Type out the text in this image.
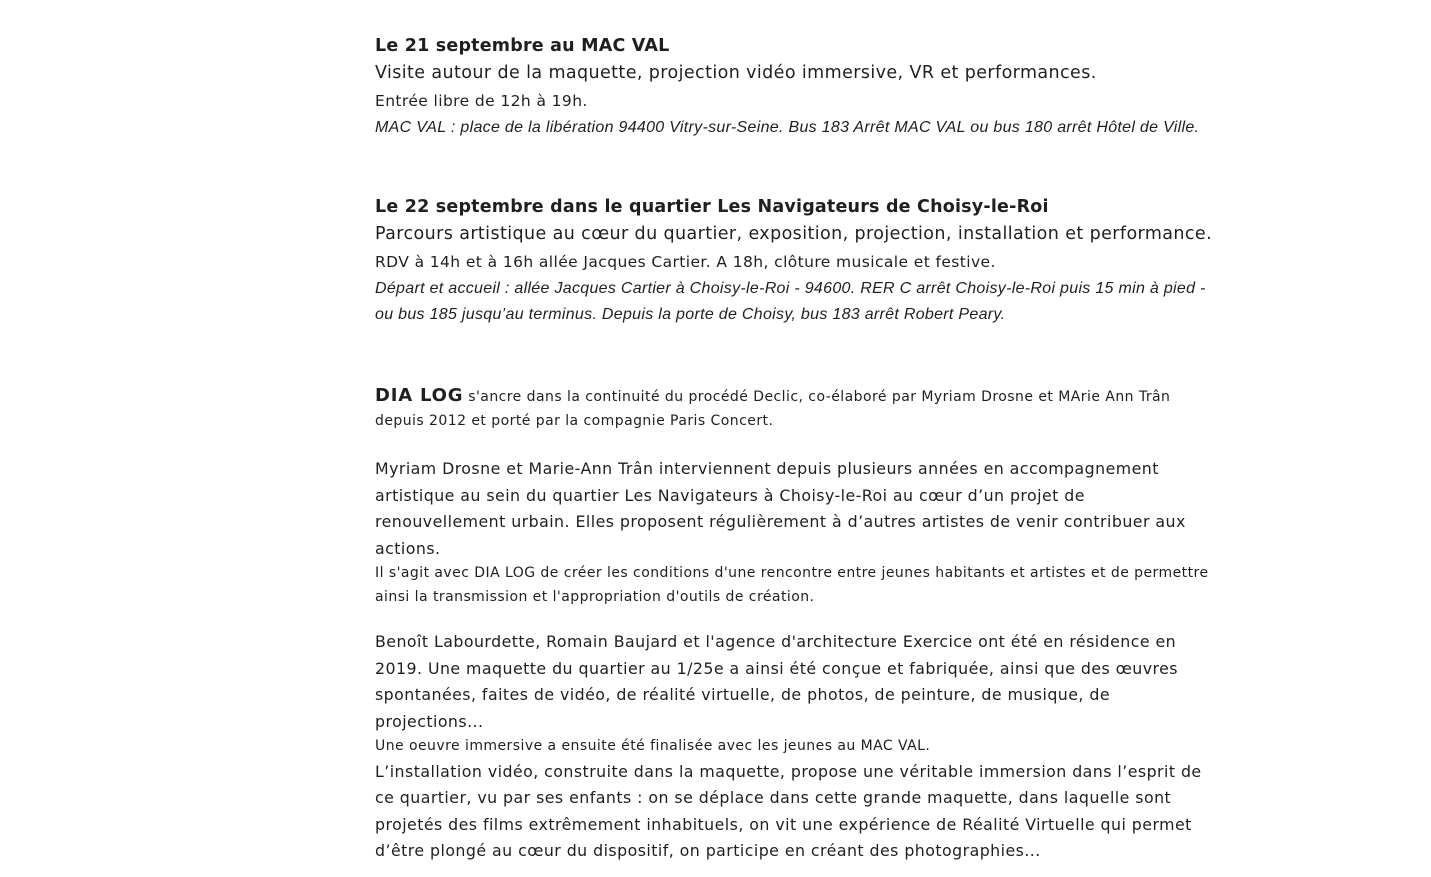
Le 21 septembre au MAC VAL

Visite autour de la maquette, projection vidéo immersive, VR et performances.

Entrée libre de 12h à 19h.

MAC VAL : place de la libération 94400 Vitry-sur-Seine. Bus 183 Arrêt MAC VAL ou bus 180 arrêt Hôtel de Ville.

Le 22 septembre dans le quartier Les Navigateurs de Choisy-le-Roi

Parcours artistique au cœur du quartier, exposition, projection, installation et performance.

RDV à 14h et à 16h allée Jacques Cartier. A 18h, clôture musicale et festive.

Départ et accueil : allée Jacques Cartier à Choisy-le-Roi - 94600. RER C arrêt Choisy-le-Roi puis 15 min à pied - ou bus 185 jusqu’au terminus. Depuis la porte de Choisy, bus 183 arrêt Robert Peary.

DIA LOG s'ancre dans la continuité du procédé Declic, co-élaboré par Myriam Drosne et MArie Ann Trân depuis 2012 et porté par la compagnie Paris Concert.

Myriam Drosne et Marie-Ann Trân interviennent depuis plusieurs années en accompagnement artistique au sein du quartier Les Navigateurs à Choisy-le-Roi au cœur d’un projet de renouvellement urbain. Elles proposent régulièrement à d’autres artistes de venir contribuer aux actions.

Il s'agit avec DIA LOG de créer les conditions d'une rencontre entre jeunes habitants et artistes et de permettre ainsi la transmission et l'appropriation d'outils de création.

Benoît Labourdette, Romain Baujard et l'agence d'architecture Exercice ont été en résidence en 2019. Une maquette du quartier au 1/25e a ainsi été conçue et fabriquée, ainsi que des œuvres spontanées, faites de vidéo, de réalité virtuelle, de photos, de peinture, de musique, de projections...

Une oeuvre immersive a ensuite été finalisée avec les jeunes au MAC VAL.

L’installation vidéo, construite dans la maquette, propose une véritable immersion dans l’esprit de ce quartier, vu par ses enfants : on se déplace dans cette grande maquette, dans laquelle sont projetés des films extrêmement inhabituels, on vit une expérience de Réalité Virtuelle qui permet d’être plongé au cœur du dispositif, on participe en créant des photographies...
